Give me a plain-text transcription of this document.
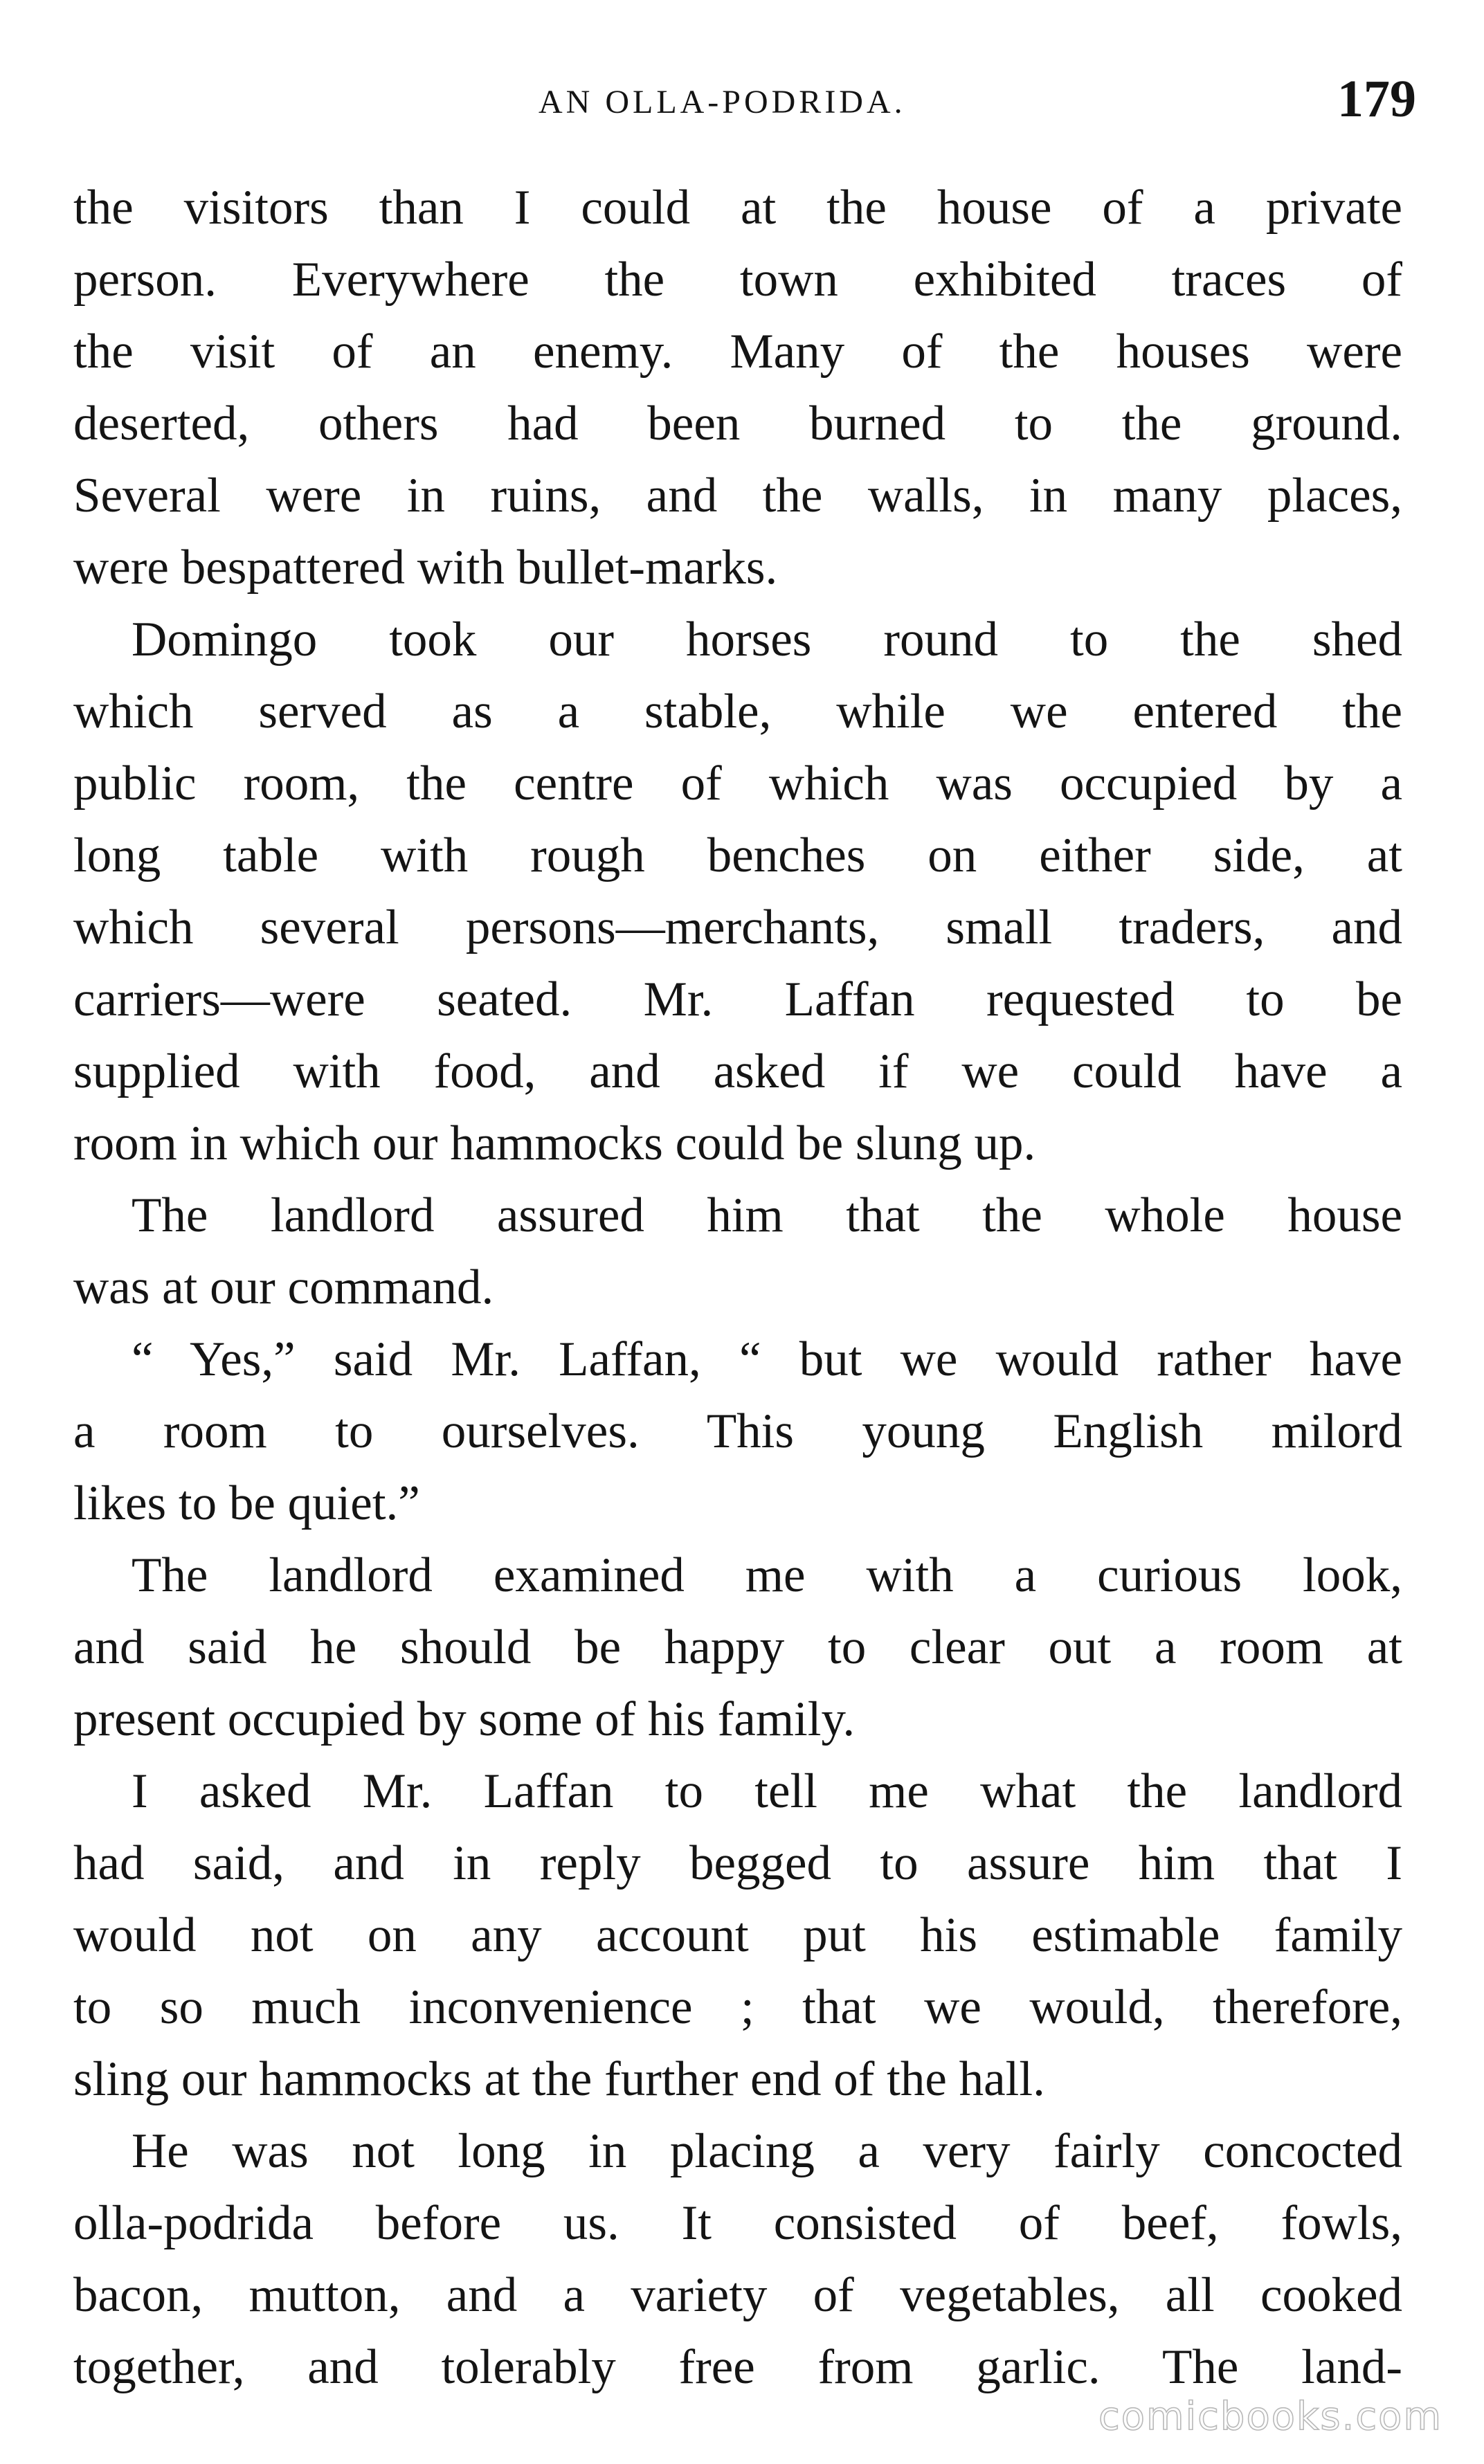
AN OLLA-PODRIDA.	179
the visitors than I could at the house of a private
person. Everywhere the town exhibited traces of
the visit of an enemy. Many of the houses were
deserted, others had been burned to the ground.
Several were in ruins, and the walls, in many places,
were bespattered with bullet-marks.
Domingo took our horses round to the shed
which served as a stable, while we entered the
public room, the centre of which was occupied by a
long table with rough benches on either side, at
which several persons—merchants, small traders, and
carriers—were seated. Mr. Laffan requested to be
supplied with food, and asked if we could have a
room in which our hammocks could be slung up.
The landlord assured him that the whole house
was at our command.
“ Yes,” said Mr. Laffan, “ but we would rather have
a room to ourselves. This young English milord
likes to be quiet.”
The landlord examined me with a curious look,
and said he should be happy to clear out a room at
present occupied by some of his family.
I asked Mr. Laffan to tell me what the landlord
had said, and in reply begged to assure him that I
would not on any account put his estimable family
to so much inconvenience ; that we would, therefore,
sling our hammocks at the further end of the hall.
He was not long in placing a very fairly concocted
olla-podrida before us. It consisted of beef, fowls,
bacon, mutton, and a variety of vegetables, all cooked
together, and tolerably free from garlic. The land-
comicbooks.com
